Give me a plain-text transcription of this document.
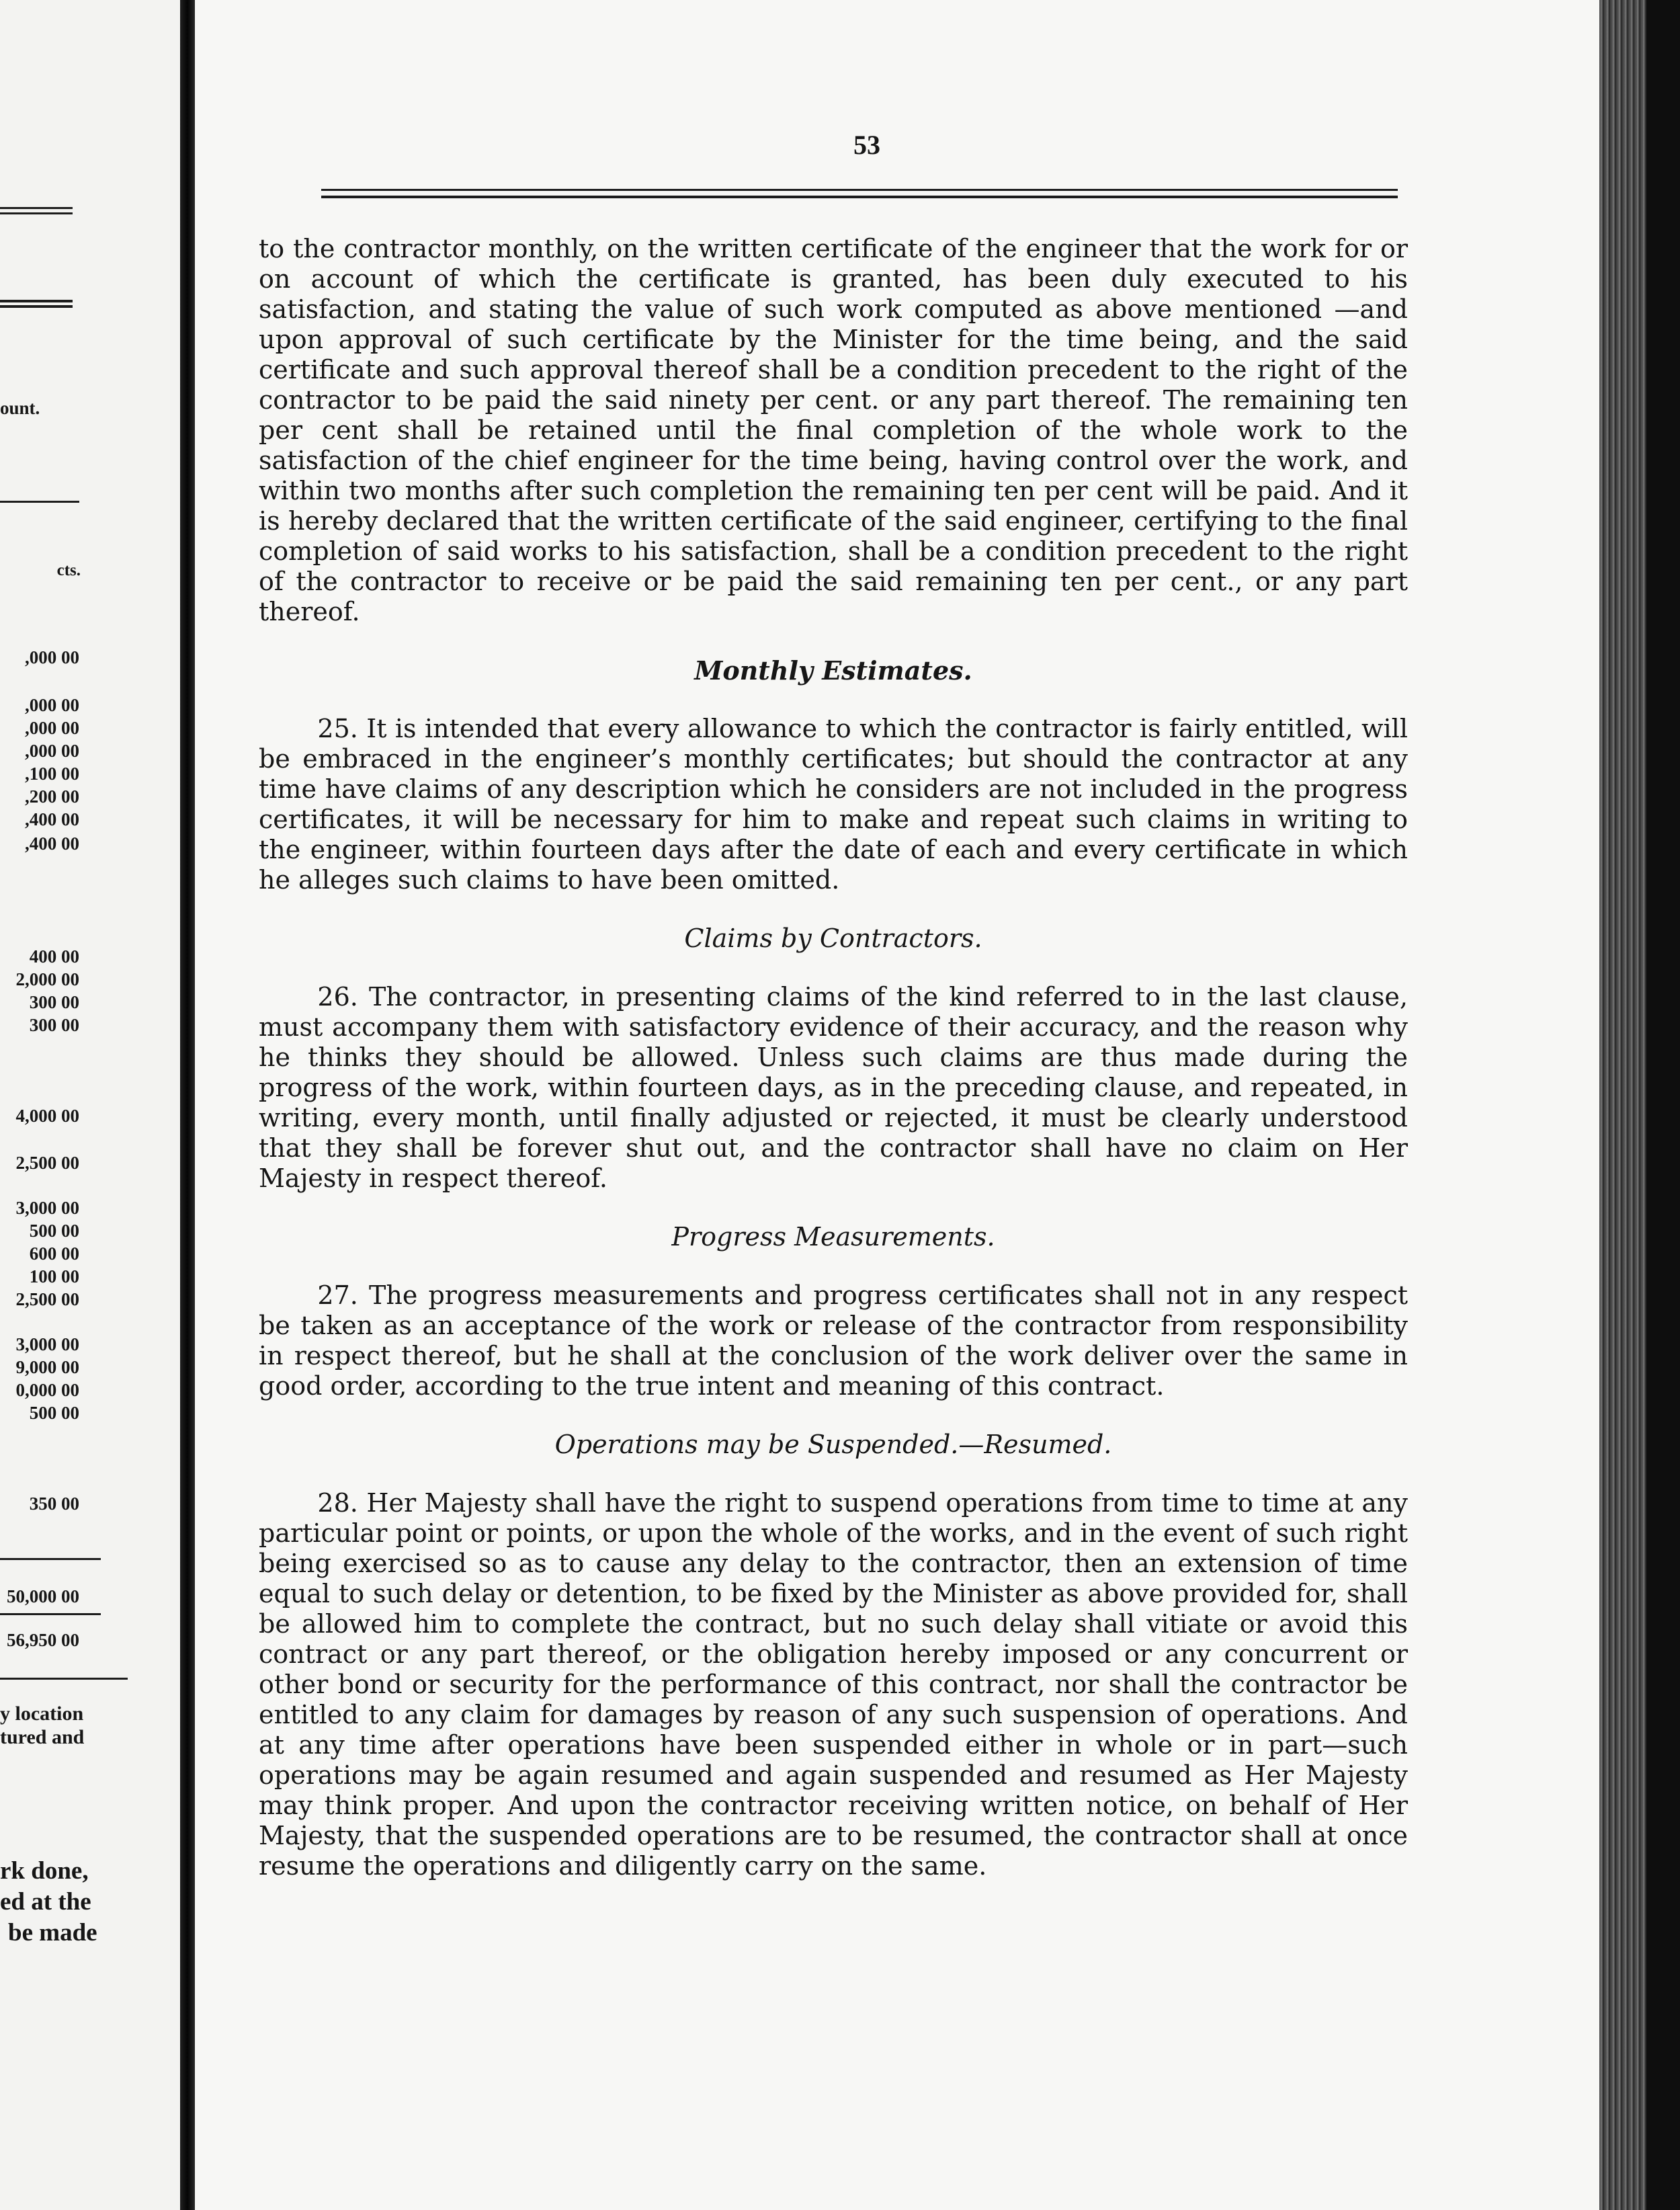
ount.
cts.
,000 00
,000 00
,000 00
,000 00
,100 00
,200 00
,400 00
,400 00
400 00
2,000 00
300 00
300 00
4,000 00
2,500 00
3,000 00
500 00
600 00
100 00
2,500 00
3,000 00
9,000 00
0,000 00
500 00
350 00
50,000 00
56,950 00
y location
tured and
rk done,
ed at the
be made
53

to the contractor monthly, on the written certificate of the engineer that the work for or on account of which the certificate is granted, has been duly executed to his satisfaction, and stating the value of such work computed as above mentioned —and upon approval of such certificate by the Minister for the time being, and the said certificate and such approval thereof shall be a condition precedent to the right of the contractor to be paid the said ninety per cent. or any part thereof. The remaining ten per cent shall be retained until the final completion of the whole work to the satisfaction of the chief engineer for the time being, having control over the work, and within two months after such completion the remaining ten per cent will be paid. And it is hereby declared that the written certificate of the said engineer, certifying to the final completion of said works to his satisfaction, shall be a condition precedent to the right of the contractor to receive or be paid the said remaining ten per cent., or any part thereof.

Monthly Estimates.

25. It is intended that every allowance to which the contractor is fairly entitled, will be embraced in the engineer’s monthly certificates; but should the contractor at any time have claims of any description which he considers are not included in the progress certificates, it will be necessary for him to make and repeat such claims in writing to the engineer, within fourteen days after the date of each and every certificate in which he alleges such claims to have been omitted.

Claims by Contractors.

26. The contractor, in presenting claims of the kind referred to in the last clause, must accompany them with satisfactory evidence of their accuracy, and the reason why he thinks they should be allowed. Unless such claims are thus made during the progress of the work, within fourteen days, as in the preceding clause, and repeated, in writing, every month, until finally adjusted or rejected, it must be clearly understood that they shall be forever shut out, and the contractor shall have no claim on Her Majesty in respect thereof.

Progress Measurements.

27. The progress measurements and progress certificates shall not in any respect be taken as an acceptance of the work or release of the contractor from responsibility in respect thereof, but he shall at the conclusion of the work deliver over the same in good order, according to the true intent and meaning of this contract.

Operations may be Suspended.—Resumed.

28. Her Majesty shall have the right to suspend operations from time to time at any particular point or points, or upon the whole of the works, and in the event of such right being exercised so as to cause any delay to the contractor, then an extension of time equal to such delay or detention, to be fixed by the Minister as above provided for, shall be allowed him to complete the contract, but no such delay shall vitiate or avoid this contract or any part thereof, or the obligation hereby imposed or any concurrent or other bond or security for the performance of this contract, nor shall the contractor be entitled to any claim for damages by reason of any such suspension of operations. And at any time after operations have been suspended either in whole or in part—such operations may be again resumed and again suspended and resumed as Her Majesty may think proper. And upon the contractor receiving written notice, on behalf of Her Majesty, that the suspended operations are to be resumed, the contractor shall at once resume the operations and diligently carry on the same.
